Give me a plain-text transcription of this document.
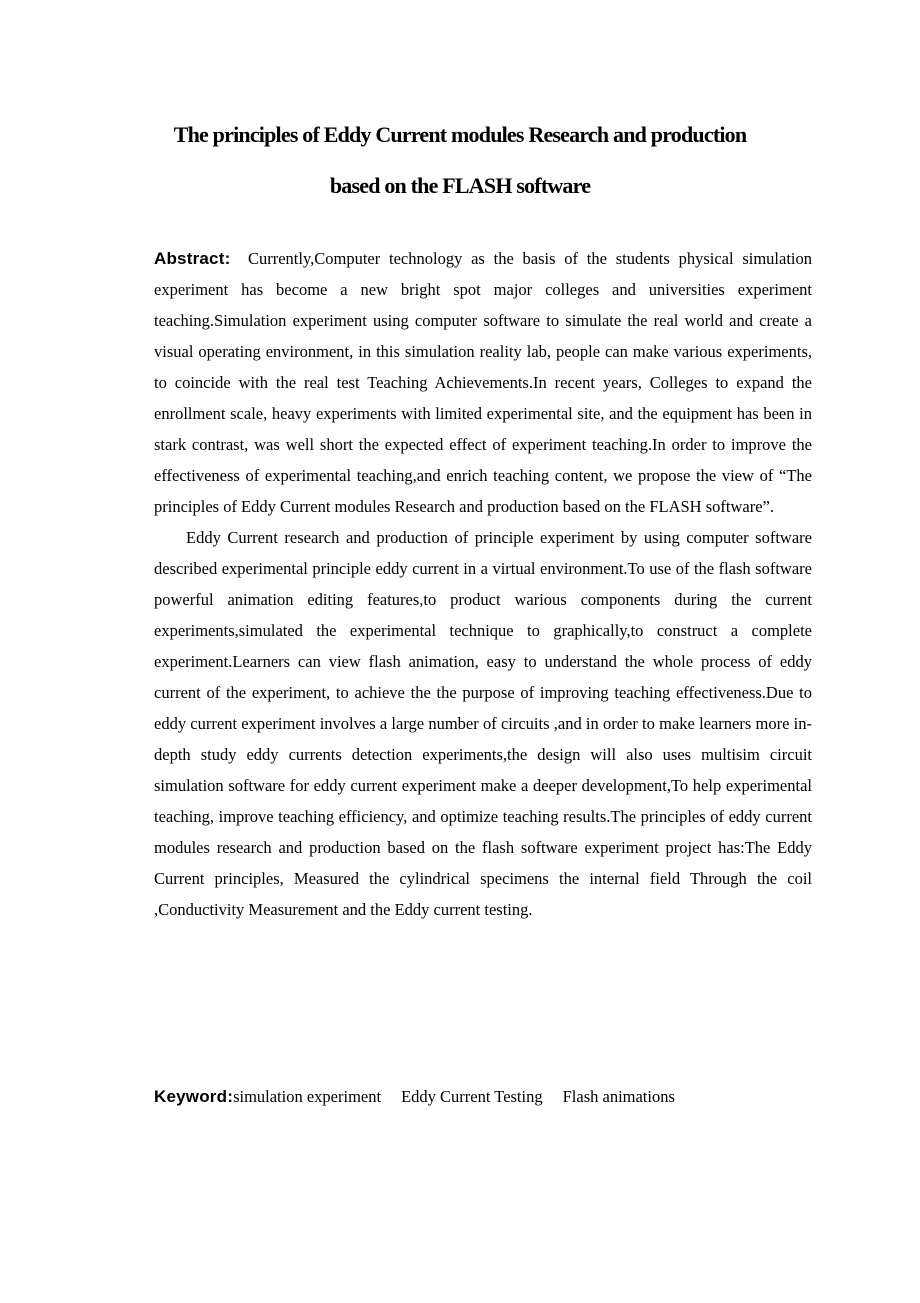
The principles of Eddy Current modules Research and production
based on the FLASH software

Abstract: Currently,Computer technology as the basis of the students physical simulation experiment has become a new bright spot major colleges and universities experiment teaching.Simulation experiment using computer software to simulate the real world and create a visual operating environment, in this simulation reality lab, people can make various experiments, to coincide with the real test Teaching Achievements.In recent years, Colleges to expand the enrollment scale, heavy experiments with limited experimental site, and the equipment has been in stark contrast, was well short the expected effect of experiment teaching.In order to improve the effectiveness of experimental teaching,and enrich teaching content, we propose the view of “The principles of Eddy Current modules Research and production based on the FLASH software”.

Eddy Current research and production of principle experiment by using computer software described experimental principle eddy current in a virtual environment.To use of the flash software powerful animation editing features,to product warious components during the current experiments,simulated the experimental technique to graphically,to construct a complete experiment.Learners can view flash animation, easy to understand the whole process of eddy current of the experiment, to achieve the the purpose of improving teaching effectiveness.Due to eddy current experiment involves a large number of circuits ,and in order to make learners more in-depth study eddy currents detection experiments,the design will also uses multisim circuit simulation software for eddy current experiment make a deeper development,To help experimental teaching, improve teaching efficiency, and optimize teaching results.The principles of eddy current modules research and production based on the flash software experiment project has:The Eddy Current principles, Measured the cylindrical specimens the internal field Through the coil ,Conductivity Measurement and the Eddy current testing.

Keyword:simulation experiment Eddy Current Testing Flash animations
